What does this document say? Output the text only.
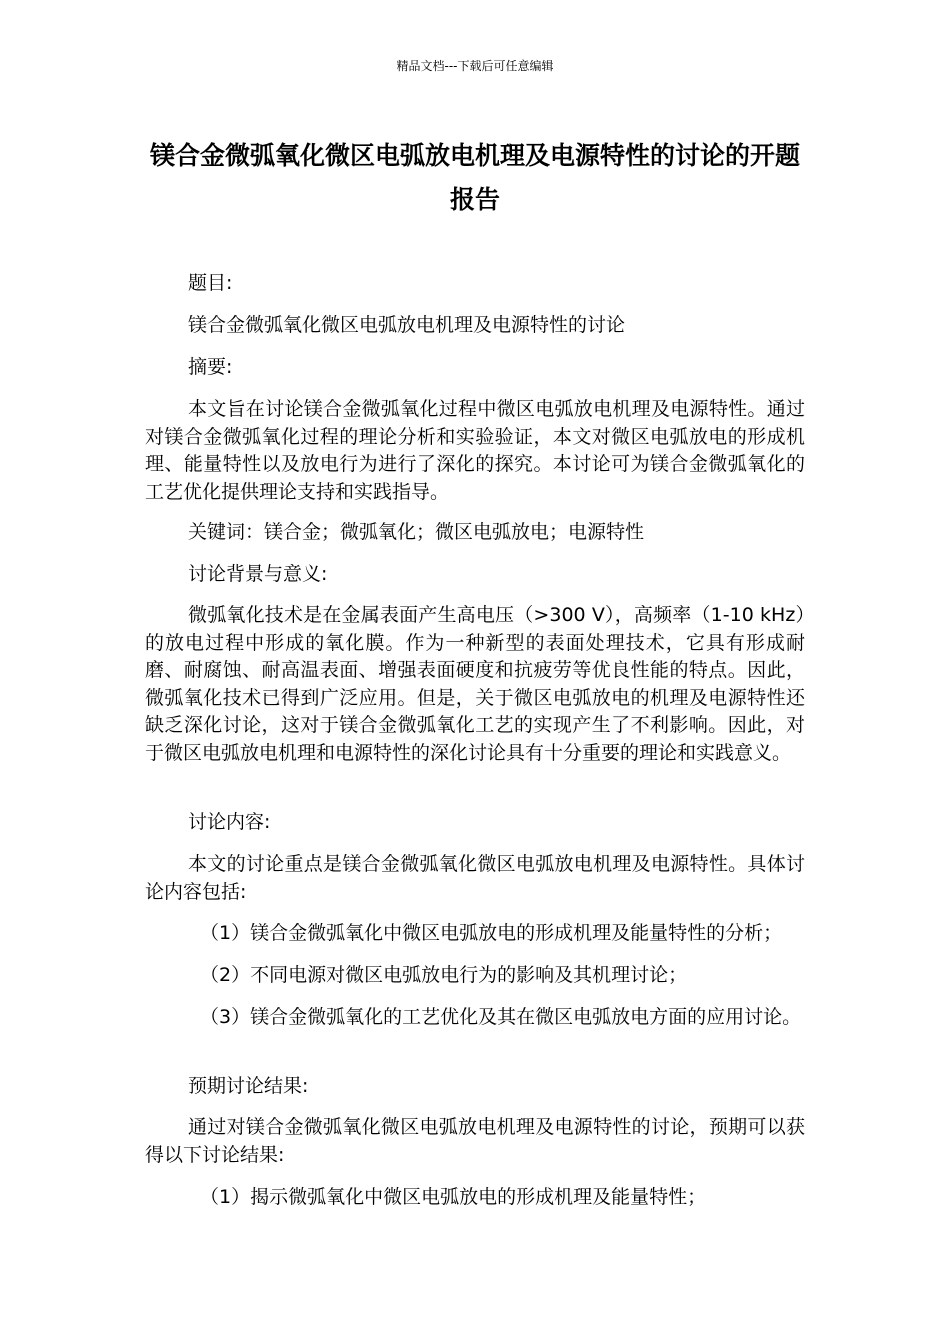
精品文档---下载后可任意编辑
镁合金微弧氧化微区电弧放电机理及电源特性的讨论的开题报告

题目:

镁合金微弧氧化微区电弧放电机理及电源特性的讨论

摘要:

本文旨在讨论镁合金微弧氧化过程中微区电弧放电机理及电源特性。通过对镁合金微弧氧化过程的理论分析和实验验证，本文对微区电弧放电的形成机理、能量特性以及放电行为进行了深化的探究。本讨论可为镁合金微弧氧化的工艺优化提供理论支持和实践指导。

关键词：镁合金；微弧氧化；微区电弧放电；电源特性

讨论背景与意义:

微弧氧化技术是在金属表面产生高电压（>300 V），高频率（1-10 kHz）的放电过程中形成的氧化膜。作为一种新型的表面处理技术，它具有形成耐磨、耐腐蚀、耐高温表面、增强表面硬度和抗疲劳等优良性能的特点。因此，微弧氧化技术已得到广泛应用。但是，关于微区电弧放电的机理及电源特性还缺乏深化讨论，这对于镁合金微弧氧化工艺的实现产生了不利影响。因此，对于微区电弧放电机理和电源特性的深化讨论具有十分重要的理论和实践意义。

讨论内容:

本文的讨论重点是镁合金微弧氧化微区电弧放电机理及电源特性。具体讨论内容包括:

（1）镁合金微弧氧化中微区电弧放电的形成机理及能量特性的分析；

（2）不同电源对微区电弧放电行为的影响及其机理讨论；

（3）镁合金微弧氧化的工艺优化及其在微区电弧放电方面的应用讨论。

预期讨论结果:

通过对镁合金微弧氧化微区电弧放电机理及电源特性的讨论，预期可以获得以下讨论结果:

（1）揭示微弧氧化中微区电弧放电的形成机理及能量特性；
